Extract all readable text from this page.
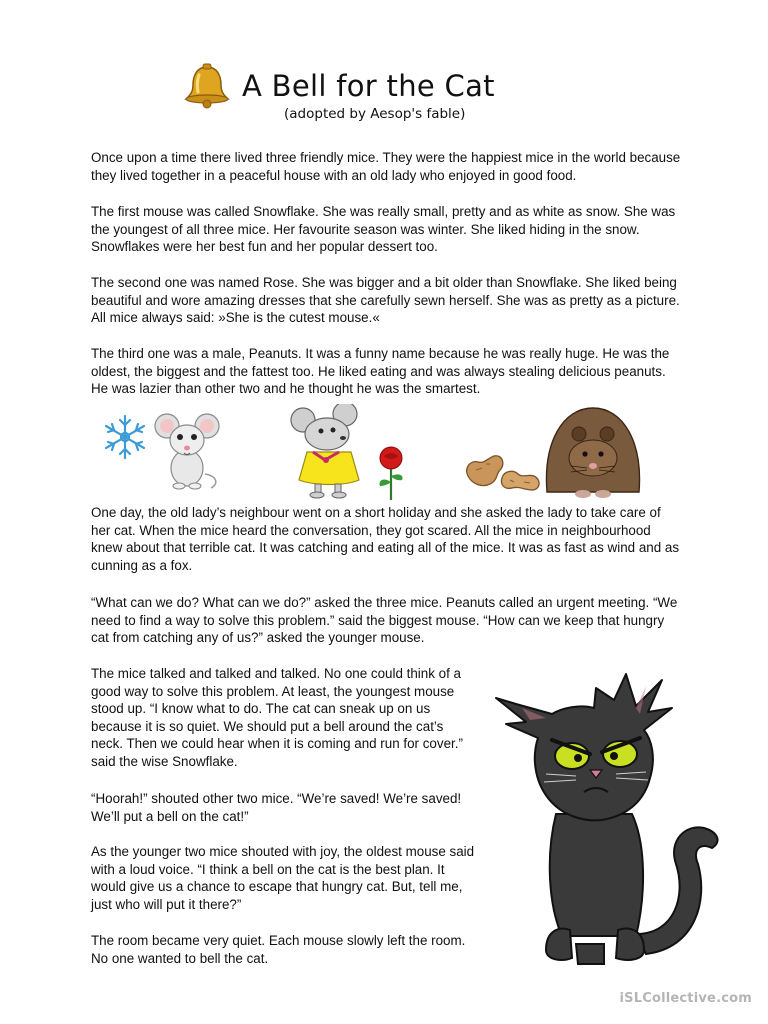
A Bell for the Cat
(adopted by Aesop's fable)

Once upon a time there lived three friendly mice. They were the happiest mice in the world because they lived together in a peaceful house with an old lady who enjoyed in good food.

The first mouse was called Snowflake. She was really small, pretty and as white as snow. She was the youngest of all three mice. Her favourite season was winter. She liked hiding in the snow. Snowflakes were her best fun and her popular dessert too.

The second one was named Rose. She was bigger and a bit older than Snowflake. She liked being beautiful and wore amazing dresses that she carefully sewn herself. She was as pretty as a picture. All mice always said: »She is the cutest mouse.«

The third one was a male, Peanuts. It was a funny name because he was really huge. He was the oldest, the biggest and the fattest too. He liked eating and was always stealing delicious peanuts. He was lazier than other two and he thought he was the smartest.

One day, the old lady’s neighbour went on a short holiday and she asked the lady to take care of her cat. When the mice heard the conversation, they got scared. All the mice in neighbourhood knew about that terrible cat. It was catching and eating all of the mice. It was as fast as wind and as cunning as a fox.

“What can we do? What can we do?” asked the three mice. Peanuts called an urgent meeting. “We need to find a way to solve this problem.” said the biggest mouse. “How can we keep that hungry cat from catching any of us?” asked the younger mouse.

The mice talked and talked and talked. No one could think of a good way to solve this problem. At least, the youngest mouse stood up. “I know what to do. The cat can sneak up on us because it is so quiet. We should put a bell around the cat’s neck. Then we could hear when it is coming and run for cover.” said the wise Snowflake.

“Hoorah!” shouted other two mice. “We’re saved! We’re saved! We’ll put a bell on the cat!”

As the younger two mice shouted with joy, the oldest mouse said with a loud voice. “I think a bell on the cat is the best plan. It would give us a chance to escape that hungry cat. But, tell me, just who will put it there?”

The room became very quiet. Each mouse slowly left the room. No one wanted to bell the cat.

iSLCollective.com
